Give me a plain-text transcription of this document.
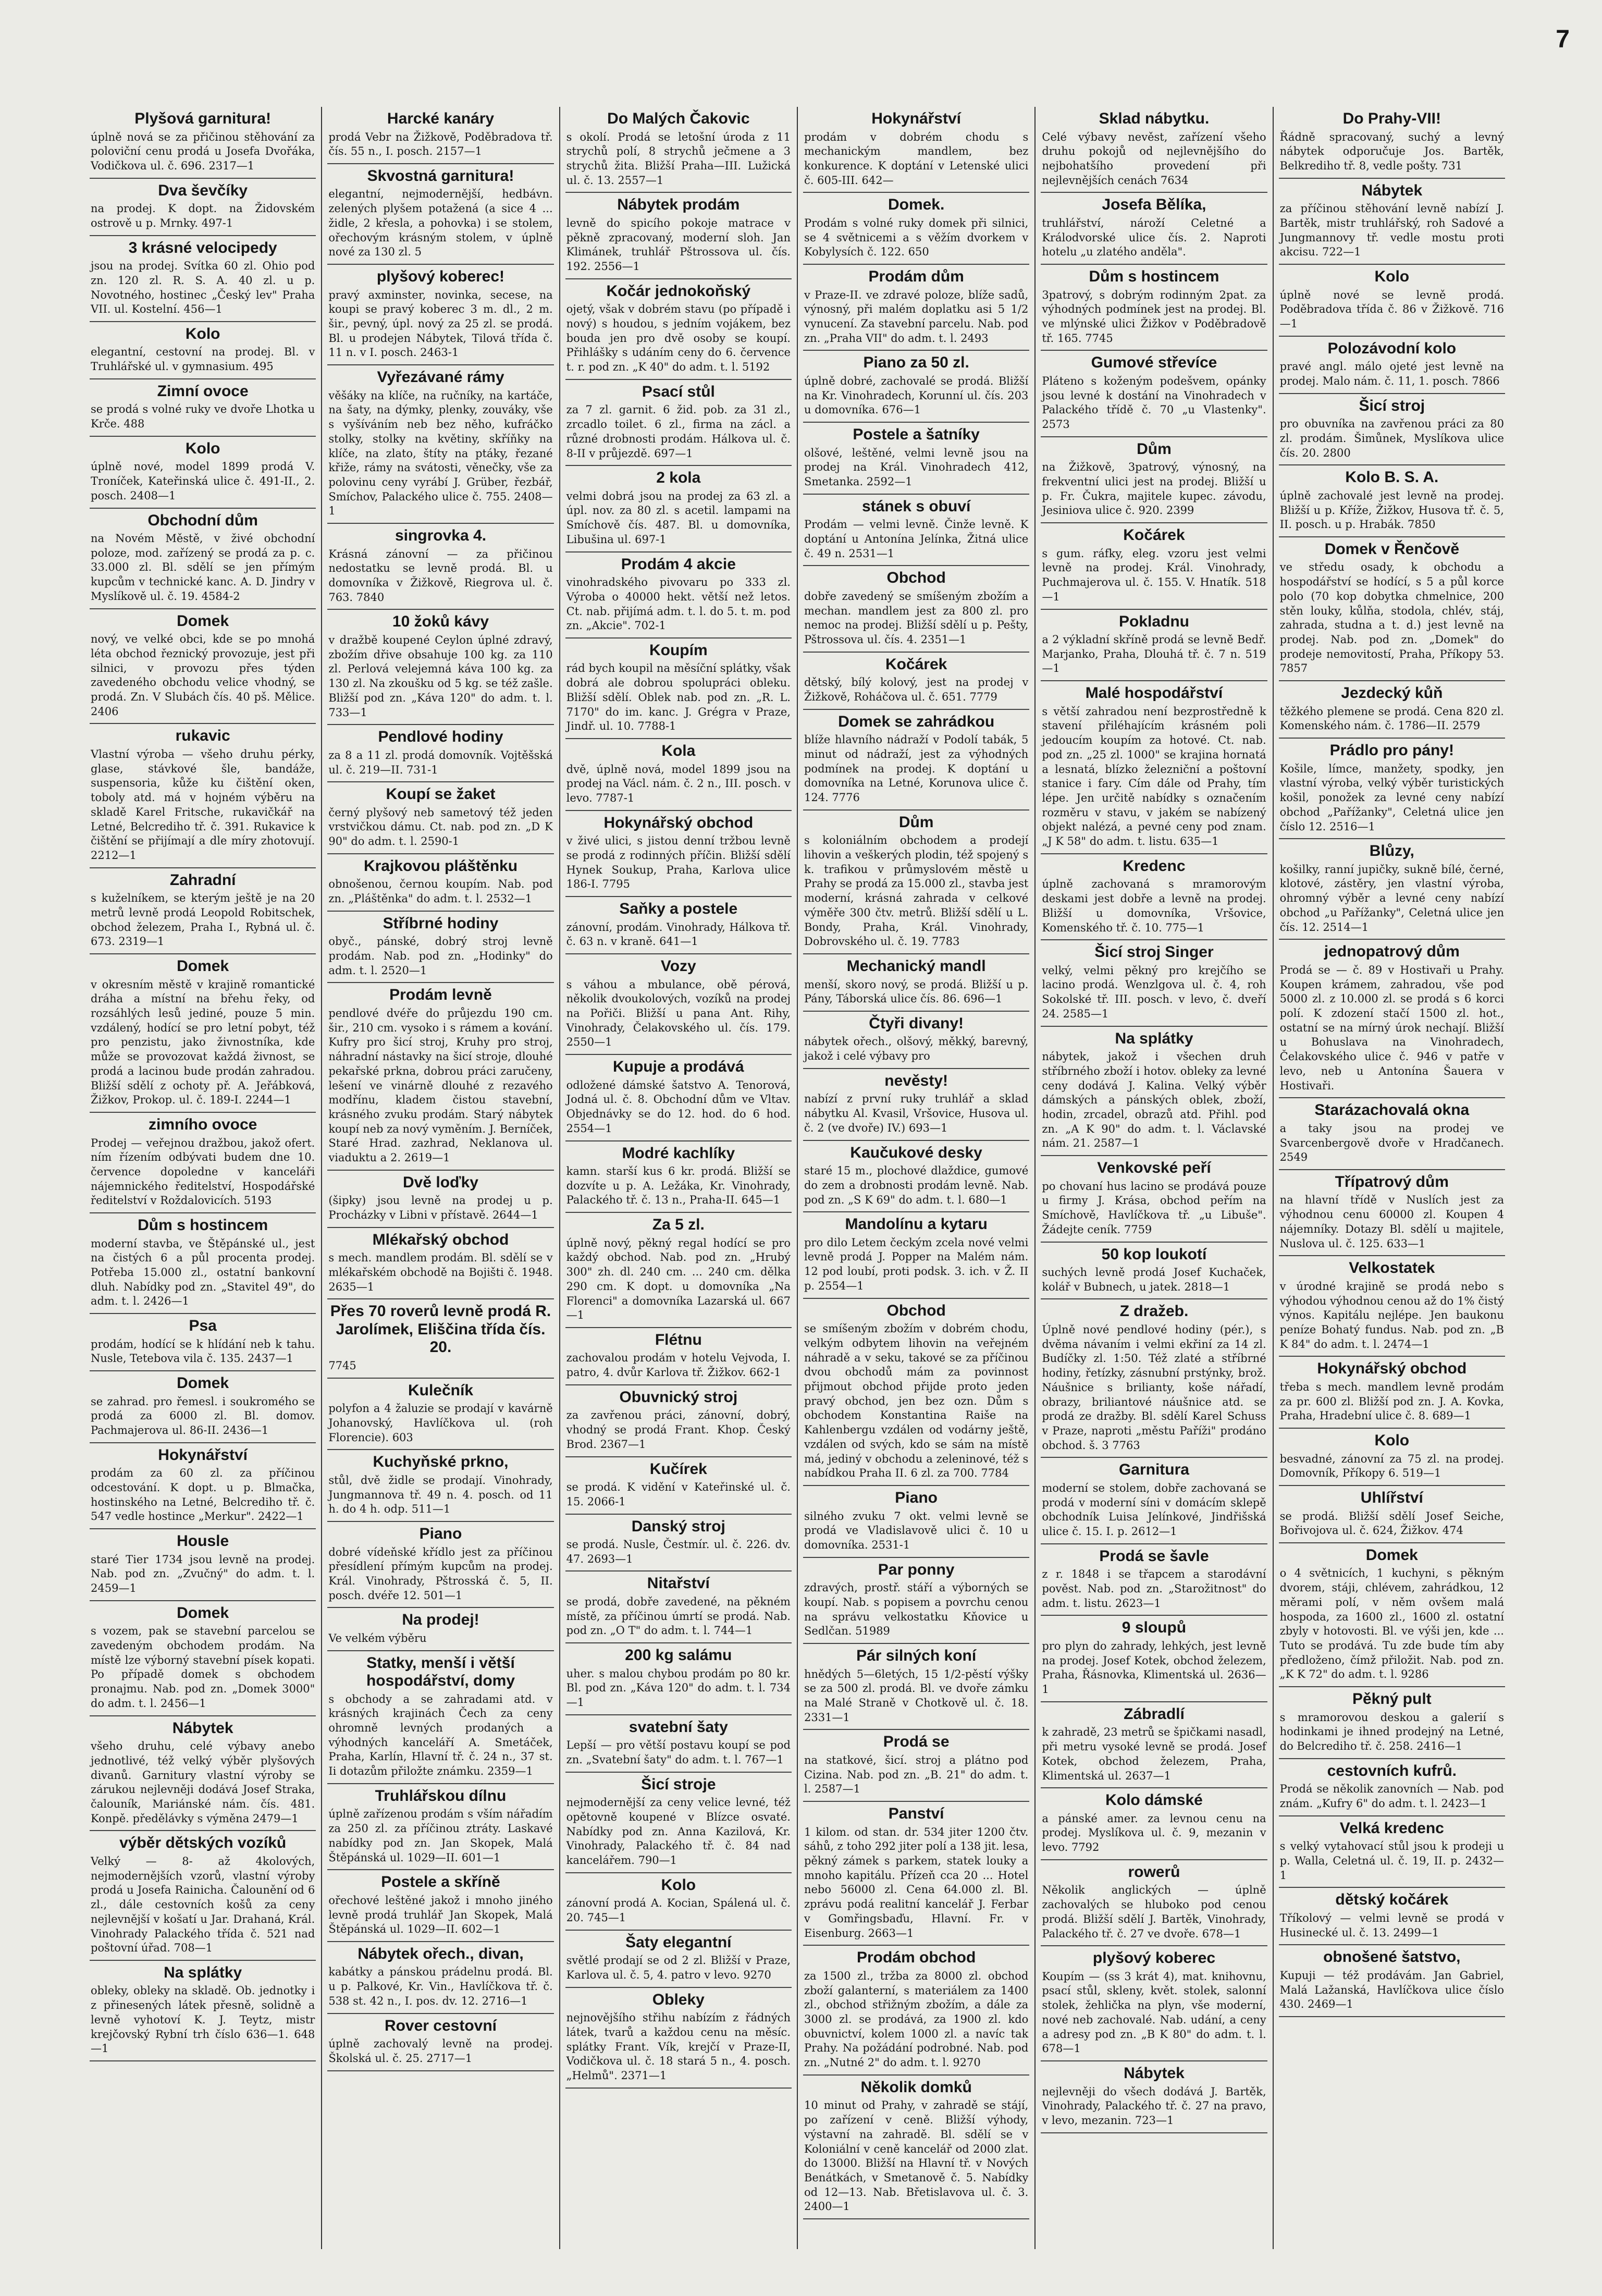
7
Plyšová garnitura!

úplně nová se za přičinou stěhování za poloviční cenu prodá u Josefa Dvořáka, Vodičkova ul. č. 696. 2317—1

Dva ševčíky

na prodej. K dopt. na Židovském ostrově u p. Mrnky. 497-1

3 krásné velocipedy

jsou na prodej. Svítka 60 zl. Ohio pod zn. 120 zl. R. S. A. 40 zl. u p. Novotného, hostinec „Český lev" Praha VII. ul. Kostelní. 456—1

Kolo

elegantní, cestovní na prodej. Bl. v Truhlářské ul. v gymnasium. 495

Zimní ovoce

se prodá s volné ruky ve dvoře Lhotka u Krče. 488

Kolo

úplně nové, model 1899 prodá V. Troníček, Kateřinská ulice č. 491-II., 2. posch. 2408—1

Obchodní dům

na Novém Městě, v živé obchodní poloze, mod. zařízený se prodá za p. c. 33.000 zl. Bl. sdělí se jen přímým kupcům v technické kanc. A. D. Jindry v Myslíkově ul. č. 19. 4584-2

Domek

nový, ve velké obci, kde se po mnohá léta obchod řeznický provozuje, jest při silnici, v provozu přes týden zavedeného obchodu velice vhodný, se prodá. Zn. V Slubách čís. 40 pš. Mělice. 2406

rukavic

Vlastní výroba — všeho druhu pérky, glase, stávkové šle, bandáže, suspensoria, kůže ku čištění oken, toboly atd. má v hojném výběru na skladě Karel Fritsche, rukavičkář na Letné, Belcrediho tř. č. 391. Rukavice k čištění se přijímají a dle míry zhotovují. 2212—1

Zahradní

s kuželníkem, se kterým ještě je na 20 metrů levně prodá Leopold Robitschek, obchod železem, Praha I., Rybná ul. č. 673. 2319—1

Domek

v okresním městě v krajině romantické dráha a místní na břehu řeky, od rozsáhlých lesů jediné, pouze 5 min. vzdálený, hodící se pro letní pobyt, též pro penzistu, jako živnostníka, kde může se provozovat každá živnost, se prodá a lacinou bude prodán zahradou. Bližší sdělí z ochoty př. A. Jeřábková, Žižkov, Prokop. ul. č. 189-I. 2244—1

zimního ovoce

Prodej — veřejnou dražbou, jakož ofert. ním řízením odbývati budem dne 10. července dopoledne v kanceláři nájemnického ředitelství, Hospodářské ředitelství v Roždalovicích. 5193

Dům s hostincem

moderní stavba, ve Štěpánské ul., jest na čistých 6 a půl procenta prodej. Potřeba 15.000 zl., ostatní bankovní dluh. Nabídky pod zn. „Stavitel 49", do adm. t. l. 2426—1

Psa

prodám, hodící se k hlídání neb k tahu. Nusle, Tetebova vila č. 135. 2437—1

Domek

se zahrad. pro řemesl. i soukromého se prodá za 6000 zl. Bl. domov. Pachmajerova ul. 86-II. 2436—1

Hokynářství

prodám za 60 zl. za příčinou odcestování. K dopt. u p. Blmačka, hostinského na Letné, Belcrediho tř. č. 547 vedle hostince „Merkur". 2422—1

Housle

staré Tier 1734 jsou levně na prodej. Nab. pod zn. „Zvučný" do adm. t. l. 2459—1

Domek

s vozem, pak se stavební parcelou se zavedeným obchodem prodám. Na místě lze výborný stavební písek kopati. Po případě domek s obchodem pronajmu. Nab. pod zn. „Domek 3000" do adm. t. l. 2456—1

Nábytek

všeho druhu, celé výbavy anebo jednotlivé, též velký výběr plyšových divanů. Garnitury vlastní výroby se zárukou nejlevněji dodává Josef Straka, čalouník, Mariánské nám. čís. 481. Konpě. předělávky s výměna 2479—1

výběr dětských vozíků

Velký — 8- až 4kolových, nejmodernějších vzorů, vlastní výroby prodá u Josefa Rainicha. Čalounění od 6 zl., dále cestovních košů za ceny nejlevnější v košatí u Jar. Drahaná, Král. Vinohrady Palackého třída č. 521 nad poštovní úřad. 708—1

Na splátky

obleky, obleky na skladě. Ob. jednotky i z přinesených látek přesně, solidně a levně vyhotoví K. J. Teytz, mistr krejčovský Rybní trh číslo 636—1. 648—1

Harcké kanáry

prodá Vebr na Žižkově, Poděbradova tř. čís. 55 n., I. posch. 2157—1

Skvostná garnitura!

elegantní, nejmodernější, hedbávn. zelených plyšem potažená (a sice 4 ... židle, 2 křesla, a pohovka) i se stolem, ořechovým krásným stolem, v úplně nové za 130 zl. 5

plyšový koberec!

pravý axminster, novinka, secese, na koupi se pravý koberec 3 m. dl., 2 m. šir., pevný, úpl. nový za 25 zl. se prodá. Bl. u prodejen Nábytek, Tilová třída č. 11 n. v I. posch. 2463-1

Vyřezávané rámy

věšáky na klíče, na ručníky, na kartáče, na šaty, na dýmky, plenky, zouváky, vše s vyšíváním neb bez něho, kufráčko stolky, stolky na květiny, skříňky na klíče, na zlato, štíty na ptáky, řezané křiže, rámy na svátosti, věnečky, vše za polovinu ceny vyrábí J. Grüber, řezbář, Smíchov, Palackého ulice č. 755. 2408—1

singrovka 4.

Krásná zánovní — za přičinou nedostatku se levně prodá. Bl. u domovníka v Žižkově, Riegrova ul. č. 763. 7840

10 žoků kávy

v dražbě koupené Ceylon úplné zdravý, zbožím dřive obsahuje 100 kg. za 110 zl. Perlová velejemná káva 100 kg. za 130 zl. Na zkoušku od 5 kg. se též zašle. Bližší pod zn. „Káva 120" do adm. t. l. 733—1

Pendlové hodiny

za 8 a 11 zl. prodá domovník. Vojtěšská ul. č. 219—II. 731-1

Koupí se žaket

černý plyšový neb sametový též jeden vrstvičkou dámu. Ct. nab. pod zn. „D K 90" do adm. t. l. 2590-1

Krajkovou pláštěnku

obnošenou, černou koupím. Nab. pod zn. „Pláštěnka" do adm. t. l. 2532—1

Stříbrné hodiny

obyč., pánské, dobrý stroj levně prodám. Nab. pod zn. „Hodinky" do adm. t. l. 2520—1

Prodám levně

pendlové dvéře do průjezdu 190 cm. šir., 210 cm. vysoko i s rámem a kování. Kufry pro šicí stroj, Kruhy pro stroj, náhradní nástavky na šicí stroje, dlouhé pekařské prkna, dobrou práci zaručeny, lešení ve vinárně dlouhé z rezavého modřínu, kladem čistou stavební, krásného zvuku prodám. Starý nábytek koupí neb za nový vyměním. J. Berníček, Staré Hrad. zazhrad, Neklanova ul. viaduktu a 2. 2619—1

Dvě loďky

(šipky) jsou levně na prodej u p. Procházky v Libni v přístavě. 2644—1

Mlékařský obchod

s mech. mandlem prodám. Bl. sdělí se v mlékařském obchodě na Bojišti č. 1948. 2635—1

Přes 70 roverů levně prodá R. Jarolímek, Eliščina třída čís. 20.

7745

Kulečník

polyfon a 4 žaluzie se prodají v kavárně Johanovský, Havlíčkova ul. (roh Florencie). 603

Kuchyňské prkno,

stůl, dvě židle se prodají. Vinohrady, Jungmannova tř. 49 n. 4. posch. od 11 h. do 4 h. odp. 511—1

Piano

dobré vídeňské křídlo jest za příčinou přesídlení přímým kupcům na prodej. Král. Vinohrady, Pštrosská č. 5, II. posch. dvéře 12. 501—1

Na prodej!

Ve velkém výběru

Statky, menší i větší hospodářství, domy

s obchody a se zahradami atd. v krásných krajinách Čech za ceny ohromně levných prodaných a výhodných kanceláří A. Smetáček, Praha, Karlín, Hlavní tř. č. 24 n., 37 st. Ii dotazům přiložte známku. 2359—1

Truhlářskou dílnu

úplně zařízenou prodám s vším nářadím za 250 zl. za příčinou ztráty. Laskavé nabídky pod zn. Jan Skopek, Malá Štěpánská ul. 1029—II. 601—1

Postele a skříně

ořechové leštěné jakož i mnoho jiného levně prodá truhlář Jan Skopek, Malá Štěpánská ul. 1029—II. 602—1

Nábytek ořech., divan,

kabátky a pánskou prádelnu prodá. Bl. u p. Palkové, Kr. Vin., Havlíčkova tř. č. 538 st. 42 n., I. pos. dv. 12. 2716—1

Rover cestovní

úplně zachovalý levně na prodej. Školská ul. č. 25. 2717—1

Do Malých Čakovic

s okolí. Prodá se letošní úroda z 11 strychů polí, 8 strychů ječmene a 3 strychů žita. Bližší Praha—III. Lužická ul. č. 13. 2557—1

Nábytek prodám

levně do spicího pokoje matrace v pěkně zpracovaný, moderní sloh. Jan Klimánek, truhlář Pštrossova ul. čís. 192. 2556—1

Kočár jednokoňský

ojetý, však v dobrém stavu (po případě i nový) s houdou, s jedním vojákem, bez bouda jen pro dvě osoby se koupí. Přihlášky s udáním ceny do 6. července t. r. pod zn. „K 40" do adm. t. l. 5192

Psací stůl

za 7 zl. garnit. 6 žid. pob. za 31 zl., zrcadlo toilet. 6 zl., firma na zácl. a různé drobnosti prodám. Hálkova ul. č. 8-II v průjezdě. 697—1

2 kola

velmi dobrá jsou na prodej za 63 zl. a úpl. nov. za 80 zl. s acetil. lampami na Smíchově čís. 487. Bl. u domovníka, Libušina ul. 697-1

Prodám 4 akcie

vinohradského pivovaru po 333 zl. Výroba o 40000 hekt. větší než letos. Ct. nab. přijímá adm. t. l. do 5. t. m. pod zn. „Akcie". 702-1

Koupím

rád bych koupil na měsíční splátky, však dobrá ale dobrou spolupráci obleku. Bližší sdělí. Oblek nab. pod zn. „R. L. 7170" do im. kanc. J. Grégra v Praze, Jindř. ul. 10. 7788-1

Kola

dvě, úplně nová, model 1899 jsou na prodej na Václ. nám. č. 2 n., III. posch. v levo. 7787-1

Hokynářský obchod

v živé ulici, s jistou denní tržbou levně se prodá z rodinných příčin. Bližší sdělí Hynek Soukup, Praha, Karlova ulice 186-I. 7795

Saňky a postele

zánovní, prodám. Vinohrady, Hálkova tř. č. 63 n. v kraně. 641—1

Vozy

s váhou a mbulance, obě pérová, několik dvoukolových, vozíků na prodej na Pořiči. Bližší u pana Ant. Rihy, Vinohrady, Čelakovského ul. čís. 179. 2550—1

Kupuje a prodává

odložené dámské šatstvo A. Tenorová, Jodná ul. č. 8. Obchodní dům ve Vltav. Objednávky se do 12. hod. do 6 hod. 2554—1

Modré kachlíky

kamn. starší kus 6 kr. prodá. Bližší se dozvíte u p. A. Ležáka, Kr. Vinohrady, Palackého tř. č. 13 n., Praha-II. 645—1

Za 5 zl.

úplně nový, pěkný regal hodící se pro každý obchod. Nab. pod zn. „Hrubý 300" zh. dl. 240 cm. ... 240 cm. dělka 290 cm. K dopt. u domovníka „Na Florenci" a domovníka Lazarská ul. 667—1

Flétnu

zachovalou prodám v hotelu Vejvoda, I. patro, 4. dvůr Karlova tř. Žižkov. 662-1

Obuvnický stroj

za zavřenou práci, zánovní, dobrý, vhodný se prodá Frant. Khop. Český Brod. 2367—1

Kučírek

se prodá. K vidění v Kateřinské ul. č. 15. 2066-1

Danský stroj

se prodá. Nusle, Čestmír. ul. č. 226. dv. 47. 2693—1

Nitařství

se prodá, dobře zavedené, na pěkném místě, za příčinou úmrtí se prodá. Nab. pod zn. „O T" do adm. t. l. 744—1

200 kg salámu

uher. s malou chybou prodám po 80 kr. Bl. pod zn. „Káva 120" do adm. t. l. 734—1

svatební šaty

Lepší — pro větší postavu koupí se pod zn. „Svatební šaty" do adm. t. l. 767—1

Šicí stroje

nejmodernější za ceny velice levné, též opětovně koupené v Blízce osvaté. Nabídky pod zn. Anna Kazilová, Kr. Vinohrady, Palackého tř. č. 84 nad kancelářem. 790—1

Kolo

zánovní prodá A. Kocian, Spálená ul. č. 20. 745—1

Šaty elegantní

světlé prodají se od 2 zl. Bližší v Praze, Karlova ul. č. 5, 4. patro v levo. 9270

Obleky

nejnovějšího střihu nabízím z řádných látek, tvarů a každou cenu na měsíc. splátky Frant. Vík, krejčí v Praze-II, Vodičkova ul. č. 18 stará 5 n., 4. posch. „Helmů". 2371—1

Hokynářství

prodám v dobrém chodu s mechanickým mandlem, bez konkurence. K doptání v Letenské ulici č. 605-III. 642—

Domek.

Prodám s volné ruky domek při silnici, se 4 světnicemi a s věžím dvorkem v Kobylysích č. 122. 650

Prodám dům

v Praze-II. ve zdravé poloze, blíže sadů, výnosný, při malém doplatku asi 5 1/2 vynucení. Za stavební parcelu. Nab. pod zn. „Praha VII" do adm. t. l. 2493

Piano za 50 zl.

úplně dobré, zachovalé se prodá. Bližší na Kr. Vinohradech, Korunní ul. čís. 203 u domovníka. 676—1

Postele a šatníky

olšové, leštěné, velmi levně jsou na prodej na Král. Vinohradech 412, Smetanka. 2592—1

stánek s obuví

Prodám — velmi levně. Činže levně. K doptání u Antonína Jelínka, Žitná ulice č. 49 n. 2531—1

Obchod

dobře zavedený se smíšeným zbožím a mechan. mandlem jest za 800 zl. pro nemoc na prodej. Bližší sdělí u p. Pešty, Pštrossova ul. čís. 4. 2351—1

Kočárek

dětský, bílý kolový, jest na prodej v Žižkově, Roháčova ul. č. 651. 7779

Domek se zahrádkou

blíže hlavního nádraží v Podolí tabák, 5 minut od nádraží, jest za výhodných podmínek na prodej. K doptání u domovníka na Letné, Korunova ulice č. 124. 7776

Dům

s koloniálním obchodem a prodejí lihovin a veškerých plodin, též spojený s k. trafikou v průmyslovém městě u Prahy se prodá za 15.000 zl., stavba jest moderní, krásná zahrada v celkové výměře 300 čtv. metrů. Bližší sdělí u L. Bondy, Praha, Král. Vinohrady, Dobrovského ul. č. 19. 7783

Mechanický mandl

menší, skoro nový, se prodá. Bližší u p. Pány, Táborská ulice čís. 86. 696—1

Čtyři divany!

nábytek ořech., olšový, měkký, barevný, jakož i celé výbavy pro

nevěsty!

nabízí z první ruky truhlář a sklad nábytku Al. Kvasil, Vršovice, Husova ul. č. 2 (ve dvoře) IV.) 693—1

Kaučukové desky

staré 15 m., plochové dlaždice, gumové do zem a drobnosti prodám levně. Nab. pod zn. „S K 69" do adm. t. l. 680—1

Mandolínu a kytaru

pro dilo Letem čeckým zcela nové velmi levně prodá J. Popper na Malém nám. 12 pod loubí, proti podsk. 3. ich. v Ž. II p. 2554—1

Obchod

se smíšeným zbožím v dobrém chodu, velkým odbytem lihovin na veřejném náhradě a v seku, takové se za příčinou dvou obchodů mám za povinnost přijmout obchod přijde proto jeden pravý obchod, jen bez ozn. Dům s obchodem Konstantina Raiše na Kahlenbergu vzdálen od vodárny ještě, vzdálen od svých, kdo se sám na místě má, jediný v obchodu a zeleninové, též s nabídkou Praha II. 6 zl. za 700. 7784

Piano

silného zvuku 7 okt. velmi levně se prodá ve Vladislavově ulici č. 10 u domovníka. 2531-1

Par ponny

zdravých, prostř. stáří a výborných se koupí. Nab. s popisem a povrchu cenou na správu velkostatku Kňovice u Sedlčan. 51989

Pár silných koní

hnědých 5—6letých, 15 1/2-pěstí výšky se za 500 zl. prodá. Bl. ve dvoře zámku na Malé Straně v Chotkově ul. č. 18. 2331—1

Prodá se

na statkové, šicí. stroj a plátno pod Cizina. Nab. pod zn. „B. 21" do adm. t. l. 2587—1

Panství

1 kilom. od stan. dr. 534 jiter 1200 čtv. sáhů, z toho 292 jiter polí a 138 jit. lesa, pěkný zámek s parkem, statek louky a mnoho kapitálu. Přízeň cca 20 ... Hotel nebo 56000 zl. Cena 64.000 zl. Bl. zprávu podá realitní kancelář J. Ferbar v Gomřingsbaďu, Hlavní. Fr. v Eisenburg. 2663—1

Prodám obchod

za 1500 zl., tržba za 8000 zl. obchod zboží galanterní, s materiálem za 1400 zl., obchod střižným zbožím, a dále za 3000 zl. se prodává, za 1900 zl. kdo obuvnictví, kolem 1000 zl. a navíc tak Prahy. Na požádání podrobné. Nab. pod zn. „Nutné 2" do adm. t. l. 9270

Několik domků

10 minut od Prahy, v zahradě se stájí, po zařízení v ceně. Bližší výhody, výstavní na zahradě. Bl. sdělí se v Koloniální v ceně kancelář od 2000 zlat. do 13000. Bližší na Hlavní tř. v Nových Benátkách, v Smetanově č. 5. Nabídky od 12—13. Nab. Břetislavova ul. č. 3. 2400—1

Sklad nábytku.

Celé výbavy nevěst, zařízení všeho druhu pokojů od nejlevnějšího do nejbohatšího provedení při nejlevnějších cenách 7634

Josefa Bělíka,

truhlářství, nároží Celetné a Králodvorské ulice čís. 2. Naproti hotelu „u zlatého anděla".

Dům s hostincem

3patrový, s dobrým rodinným 2pat. za výhodných podmínek jest na prodej. Bl. ve mlýnské ulici Žižkov v Poděbradově tř. 165. 7745

Gumové střevíce

Pláteno s koženým podešvem, opánky jsou levné k dostání na Vinohradech v Palackého třídě č. 70 „u Vlastenky". 2573

Dům

na Žižkově, 3patrový, výnosný, na frekventní ulici jest na prodej. Bližší u p. Fr. Čukra, majitele kupec. závodu, Jesiniova ulice č. 920. 2399

Kočárek

s gum. ráfky, eleg. vzoru jest velmi levně na prodej. Král. Vinohrady, Puchmajerova ul. č. 155. V. Hnatík. 518—1

Pokladnu

a 2 výkladní skříně prodá se levně Bedř. Marjanko, Praha, Dlouhá tř. č. 7 n. 519—1

Malé hospodářství

s větší zahradou není bezprostředně k stavení přiléhajícím krásném poli jedoucím koupím za hotové. Ct. nab. pod zn. „25 zl. 1000" se krajina hornatá a lesnatá, blízko železniční a poštovní stanice i fary. Cím dále od Prahy, tím lépe. Jen určitě nabídky s označením rozměru v stavu, v jakém se nabízený objekt nalézá, a pevné ceny pod znam. „J K 58" do adm. t. listu. 635—1

Kredenc

úplně zachovaná s mramorovým deskami jest dobře a levně na prodej. Bližší u domovníka, Vršovice, Komenského tř. č. 10. 775—1

Šicí stroj Singer

velký, velmi pěkný pro krejčího se lacino prodá. Wenzlgova ul. č. 4, roh Sokolské tř. III. posch. v levo, č. dveří 24. 2585—1

Na splátky

nábytek, jakož i všechen druh stříbrného zboží i hotov. obleky za levné ceny dodává J. Kalina. Velký výběr dámských a pánských oblek, zboží, hodin, zrcadel, obrazů atd. Přihl. pod zn. „A K 90" do adm. t. l. Václavské nám. 21. 2587—1

Venkovské peří

po chovaní hus lacino se prodává pouze u firmy J. Krása, obchod peřím na Smíchově, Havlíčkova tř. „u Libuše". Žádejte ceník. 7759

50 kop loukotí

suchých levně prodá Josef Kuchaček, kolář v Bubnech, u jatek. 2818—1

Z dražeb.

Úplně nové pendlové hodiny (pér.), s dvěma návaním i velmi ekřiní za 14 zl. Budíčky zl. 1:50. Též zlaté a stříbrné hodiny, řetízky, zásnubní prstýnky, brož. Náušnice s brilianty, koše nářadí, obrazy, briliantové náušnice atd. se prodá ze dražby. Bl. sdělí Karel Schuss v Praze, naproti „městu Paříži" prodáno obchod. š. 3 7763

Garnitura

moderní se stolem, dobře zachovaná se prodá v moderní síni v domácím sklepě obchodník Luisa Jelínkové, Jindřišská ulice č. 15. I. p. 2612—1

Prodá se šavle

z r. 1848 i se třapcem a starodávní pověst. Nab. pod zn. „Starožitnost" do adm. t. listu. 2623—1

9 sloupů

pro plyn do zahrady, lehkých, jest levně na prodej. Josef Kotek, obchod železem, Praha, Řásnovka, Klimentská ul. 2636—1

Zábradlí

k zahradě, 23 metrů se špičkami nasadl, při metru vysoké levně se prodá. Josef Kotek, obchod železem, Praha, Klimentská ul. 2637—1

Kolo dámské

a pánské amer. za levnou cenu na prodej. Myslíkova ul. č. 9, mezanin v levo. 7792

rowerů

Několik anglických — úplně zachovalých se hluboko pod cenou prodá. Bližší sdělí J. Bartěk, Vinohrady, Palackého tř. č. 27 ve dvoře. 678—1

plyšový koberec

Koupím — (ss 3 krát 4), mat. knihovnu, psací stůl, skleny, květ. stolek, salonní stolek, žehlička na plyn, vše moderní, nové neb zachovalé. Nab. udání, a ceny a adresy pod zn. „B K 80" do adm. t. l. 678—1

Nábytek

nejlevněji do všech dodává J. Bartěk, Vinohrady, Palackého tř. č. 27 na pravo, v levo, mezanin. 723—1

Do Prahy-VII!

Řádně spracovaný, suchý a levný nábytek odporučuje Jos. Bartěk, Belkrediho tř. 8, vedle pošty. 731

Nábytek

za příčinou stěhování levně nabízí J. Bartěk, mistr truhlářský, roh Sadové a Jungmannovy tř. vedle mostu proti akcisu. 722—1

Kolo

úplně nové se levně prodá. Poděbradova třída č. 86 v Žižkově. 716—1

Polozávodní kolo

pravé angl. málo ojeté jest levně na prodej. Malo nám. č. 11, 1. posch. 7866

Šicí stroj

pro obuvníka na zavřenou práci za 80 zl. prodám. Šimůnek, Myslíkova ulice čís. 20. 2800

Kolo B. S. A.

úplně zachovalé jest levně na prodej. Bližší u p. Kříže, Žižkov, Husova tř. č. 5, II. posch. u p. Hrabák. 7850

Domek v Řenčově

ve středu osady, k obchodu a hospodářství se hodící, s 5 a půl korce polo (70 kop dobytka chmelnice, 200 stěn louky, kůlňa, stodola, chlév, stáj, zahrada, studna a t. d.) jest levně na prodej. Nab. pod zn. „Domek" do prodeje nemovitostí, Praha, Příkopy 53. 7857

Jezdecký kůň

těžkého plemene se prodá. Cena 820 zl. Komenského nám. č. 1786—II. 2579

Prádlo pro pány!

Košile, límce, manžety, spodky, jen vlastní výroba, velký výběr turistických košil, ponožek za levné ceny nabízí obchod „Pařížanky", Celetná ulice jen číslo 12. 2516—1

Blůzy,

košilky, ranní jupičky, sukně bílé, černé, klotové, zástěry, jen vlastní výroba, ohromný výběr a levné ceny nabízí obchod „u Pařížanky", Celetná ulice jen čís. 12. 2514—1

jednopatrový dům

Prodá se — č. 89 v Hostivaři u Prahy. Koupen krámem, zahradou, vše pod 5000 zl. z 10.000 zl. se prodá s 6 korci polí. K zdození stačí 1500 zl. hot., ostatní se na mírný úrok nechají. Bližší u Bohuslava na Vinohradech, Čelakovského ulice č. 946 v patře v levo, neb u Antonína Šauera v Hostivaři.

Starázachovalá okna

a taky jsou na prodej ve Svarcenbergově dvoře v Hradčanech. 2549

Třípatrový dům

na hlavní třídě v Nuslích jest za výhodnou cenu 60000 zl. Koupen 4 nájemníky. Dotazy Bl. sdělí u majitele, Nuslova ul. č. 125. 633—1

Velkostatek

v úrodné krajině se prodá nebo s výhodou výhodnou cenou až do 1% čistý výnos. Kapitálu nejlépe. Jen baukonu peníze Bohatý fundus. Nab. pod zn. „B K 84" do adm. t. l. 2474—1

Hokynářský obchod

třeba s mech. mandlem levně prodám za pr. 600 zl. Bližší pod zn. J. A. Kovka, Praha, Hradební ulice č. 8. 689—1

Kolo

besvadné, zánovní za 75 zl. na prodej. Domovník, Příkopy 6. 519—1

Uhlířství

se prodá. Bližší sdělí Josef Seiche, Bořivojova ul. č. 624, Žižkov. 474

Domek

o 4 světnicích, 1 kuchyni, s pěkným dvorem, stáji, chlévem, zahrádkou, 12 měrami polí, v něm ovšem malá hospoda, za 1600 zl., 1600 zl. ostatní zbyly v hotovosti. Bl. ve výši jen, kde ... Tuto se prodává. Tu zde bude tím aby předloženo, čímž přiložit. Nab. pod zn. „K K 72" do adm. t. l. 9286

Pěkný pult

s mramorovou deskou a galerií s hodinkami je ihned prodejný na Letné, do Belcrediho tř. č. 258. 2416—1

cestovních kufrů.

Prodá se několik zanovních — Nab. pod znám. „Kufry 6" do adm. t. l. 2423—1

Velká kredenc

s velký vytahovací stůl jsou k prodeji u p. Walla, Celetná ul. č. 19, II. p. 2432—1

dětský kočárek

Tříkolový — velmi levně se prodá v Husinecké ul. č. 13. 2499—1

obnošené šatstvo,

Kupuji — též prodávám. Jan Gabriel, Malá Lažanská, Havlíčkova ulice číslo 430. 2469—1
